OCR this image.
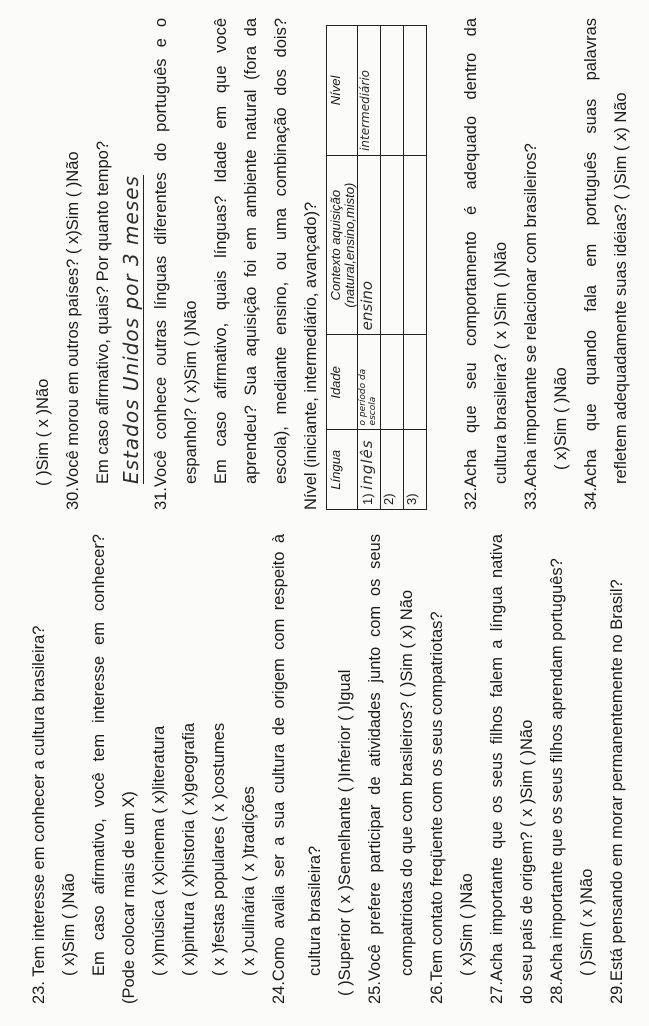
23. Tem interesse em conhecer a cultura brasileira? ( x)Sim ( )Não Em caso afirmativo, você tem interesse em conhecer? (Pode colocar mais de um X) ( x)música ( x)cinema ( x)literatura ( x)pintura ( x)historia ( x)geografia ( x )festas populares ( x )costumes ( x )culinária ( x )tradições 24.Como avalia ser a sua cultura de origem com respeito à	cultura brasileira? ( )Superior ( x )Semelhante ( )Inferior ( )Igual 25.Você prefere participar de atividades junto com os seus compatriotas do que com brasileiros? ( )Sim ( x) Não 26.Tem contato freqüente com os seus compatriotas? ( x)Sim ( )Não 27.Acha importante que os seus filhos falem a língua nativa do seu país de origem? ( x )Sim ( )Não 28.Acha importante que os seus filhos aprendam português? ( )Sim ( x )Não 29.Está pensando em morar permanentemente no Brasil?
( )Sim ( x )Não 30.Você morou em outros países? ( x)Sim ( )Não Em caso afirmativo, quais? Por quanto tempo? Estados Unidos por 3 meses 31.Você conhece outras línguas diferentes do português e o espanhol? ( x)Sim ( )Não Em caso afirmativo, quais línguas? Idade em que você aprendeu? Sua aquisição foi em ambiente natural (fora da escola), mediante ensino, ou uma combinação dos dois? Nível (iniciante, intermediário, avançado)? Língua	Idade	Contexto aquisição (natural,ensino,misto)	Nível
1) inglês	o período da escola	ensino	intermediário
2)			
3)				32.Acha que seu comportamento é adequado dentro da cultura brasileira? ( x )Sim ( )Não 33.Acha importante se relacionar com brasileiros? ( x)Sim ( )Não 34.Acha que quando fala em português suas palavras refletem adequadamente suas idéias? ( )Sim ( x) Não
